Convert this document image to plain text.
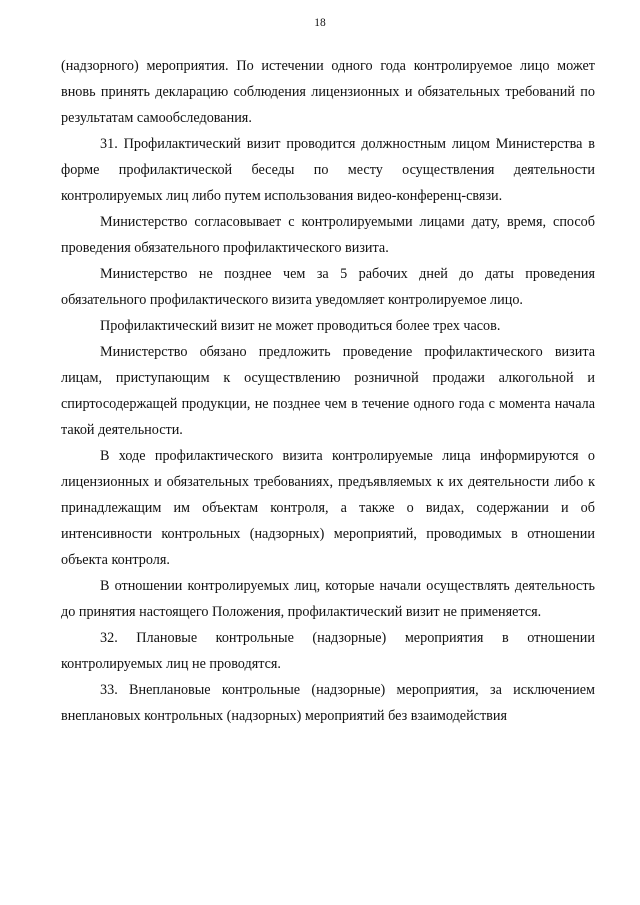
18

(надзорного) мероприятия. По истечении одного года контролируемое лицо может вновь принять декларацию соблюдения лицензионных и обязательных требований по результатам самообследования.

31. Профилактический визит проводится должностным лицом Министерства в форме профилактической беседы по месту осуществления деятельности контролируемых лиц либо путем использования видео-конференц-связи.

Министерство согласовывает с контролируемыми лицами дату, время, способ проведения обязательного профилактического визита.

Министерство не позднее чем за 5 рабочих дней до даты проведения обязательного профилактического визита уведомляет контролируемое лицо.

Профилактический визит не может проводиться более трех часов.

Министерство обязано предложить проведение профилактического визита лицам, приступающим к осуществлению розничной продажи алкогольной и спиртосодержащей продукции, не позднее чем в течение одного года с момента начала такой деятельности.

В ходе профилактического визита контролируемые лица информируются о лицензионных и обязательных требованиях, предъявляемых к их деятельности либо к принадлежащим им объектам контроля, а также о видах, содержании и об интенсивности контрольных (надзорных) мероприятий, проводимых в отношении объекта контроля.

В отношении контролируемых лиц, которые начали осуществлять деятельность до принятия настоящего Положения, профилактический визит не применяется.

32. Плановые контрольные (надзорные) мероприятия в отношении контролируемых лиц не проводятся.

33. Внеплановые контрольные (надзорные) мероприятия, за исключением внеплановых контрольных (надзорных) мероприятий без взаимодействия
